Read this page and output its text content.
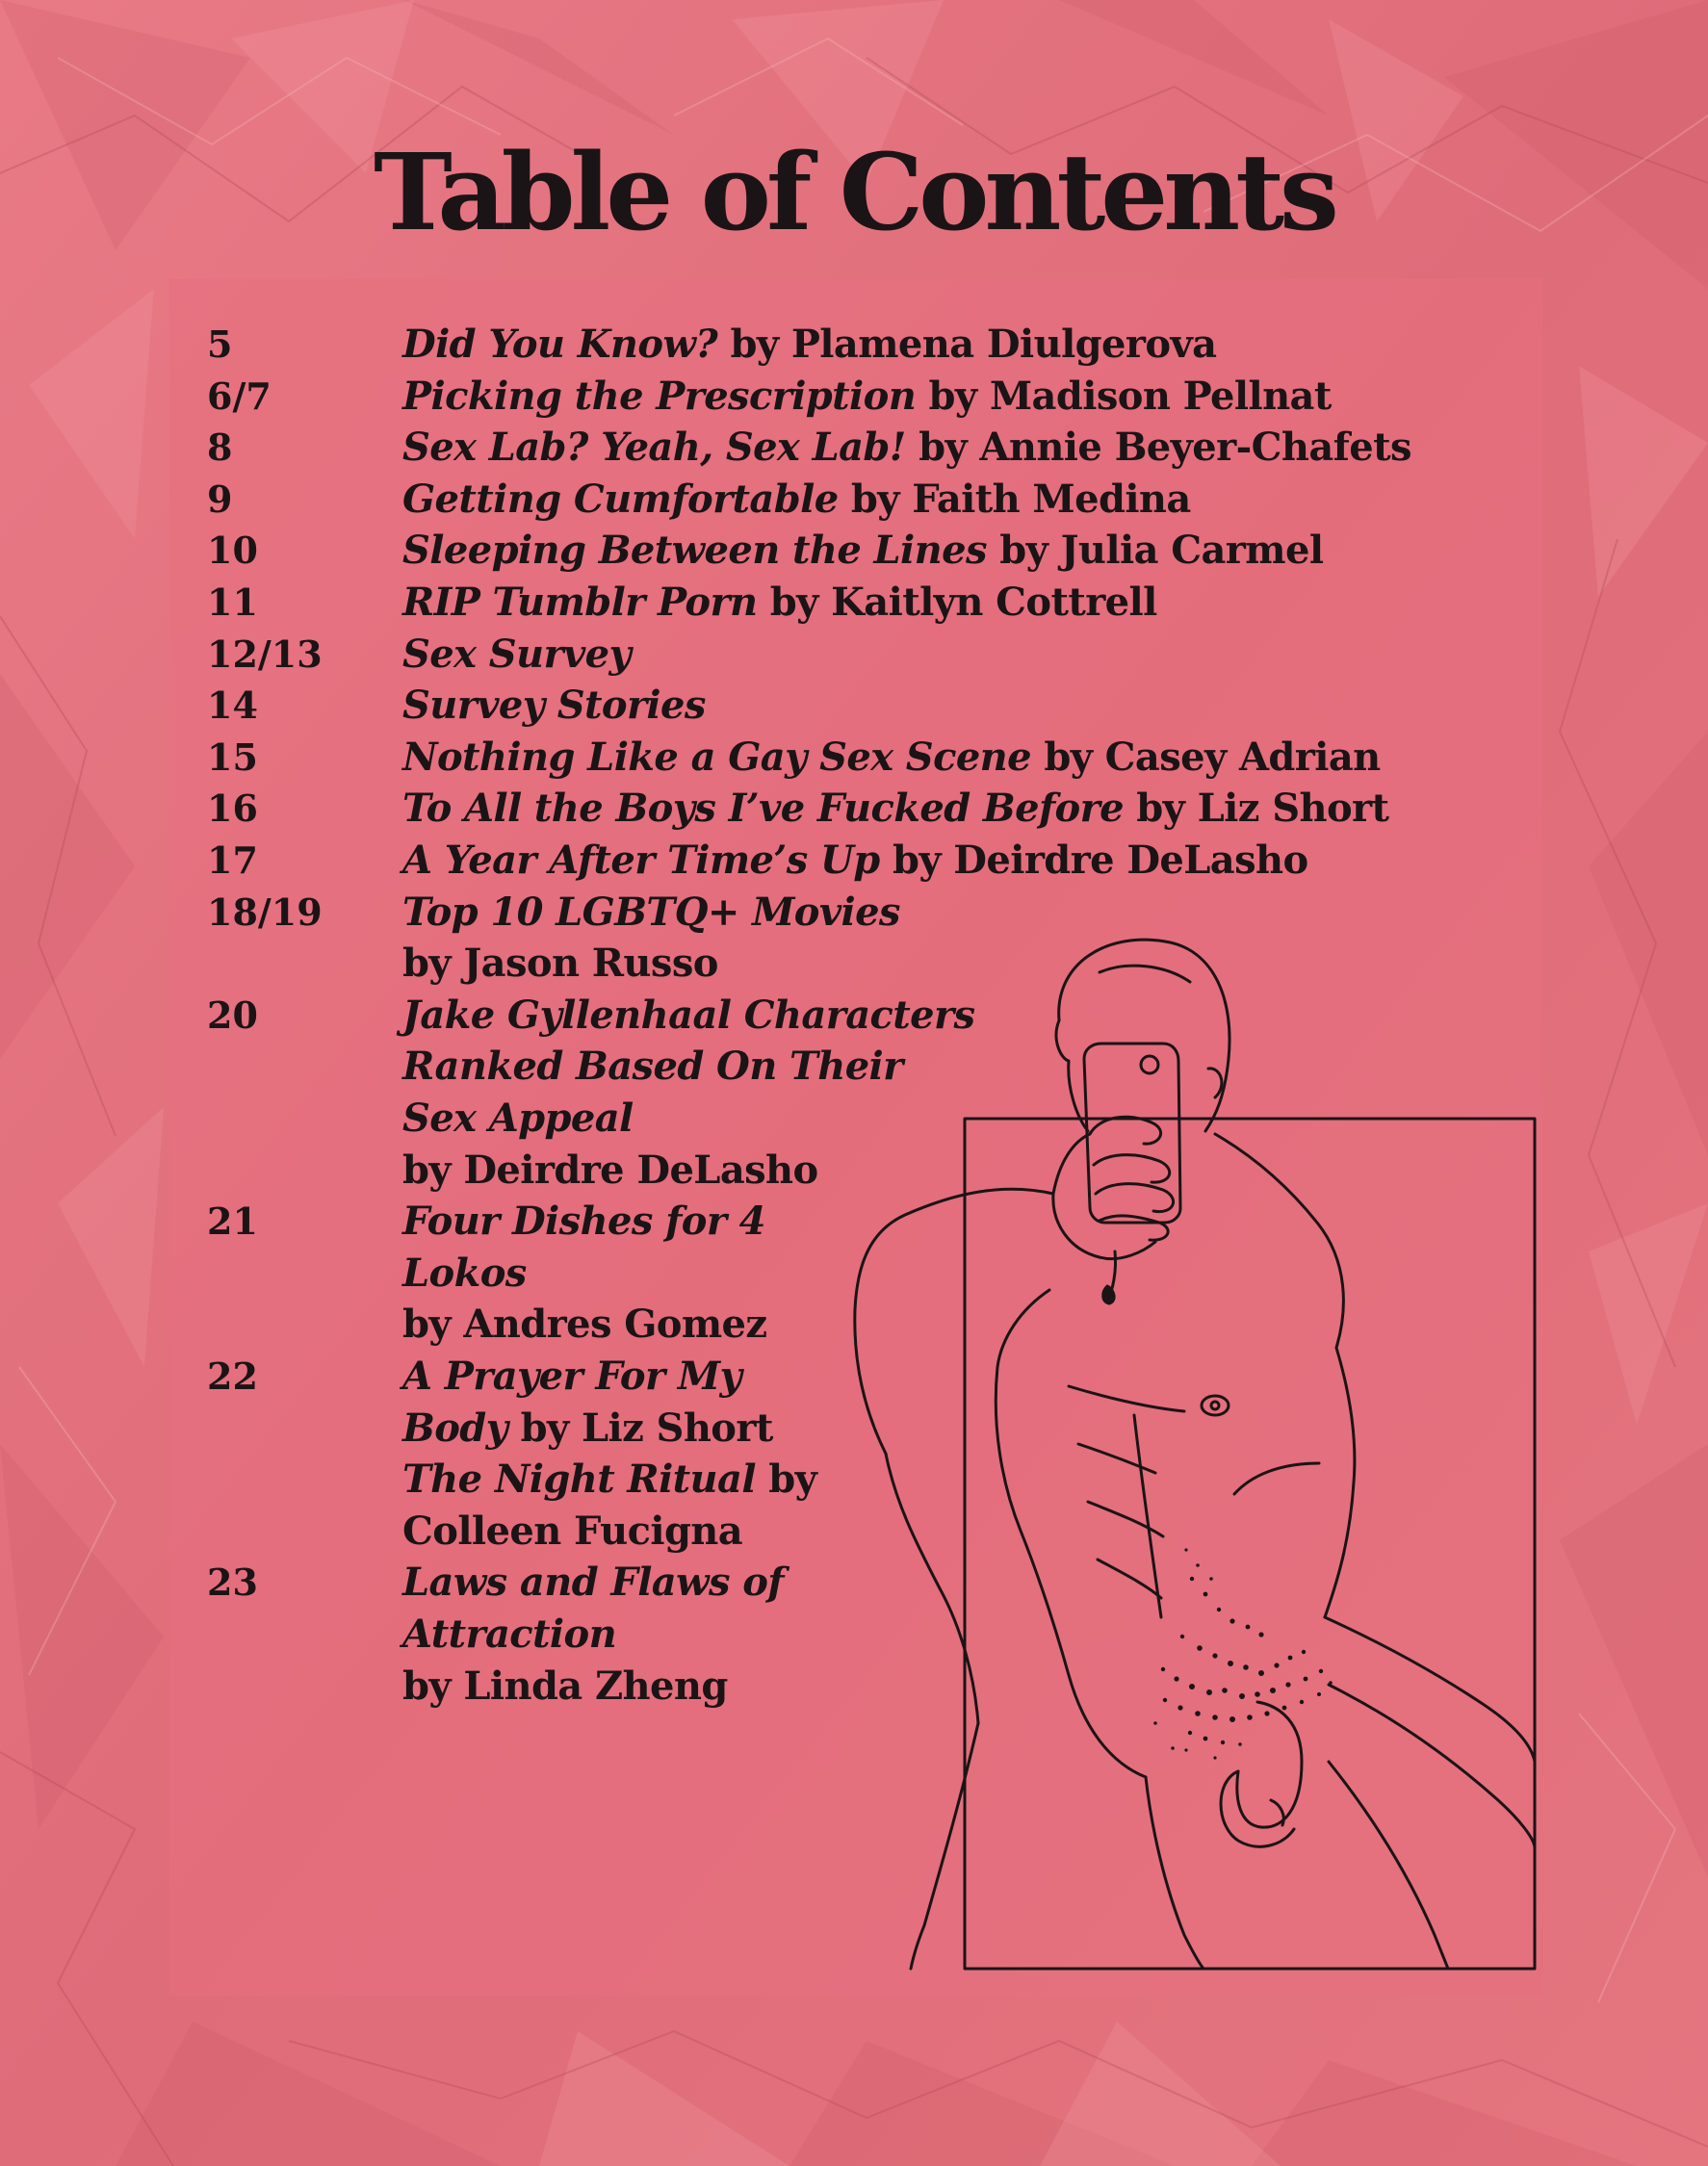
Table of Contents
5	Did You Know? by Plamena Diulgerova
6/7	Picking the Prescription by Madison Pellnat
8	Sex Lab? Yeah, Sex Lab! by Annie Beyer-Chafets
9	Getting Cumfortable by Faith Medina
10	Sleeping Between the Lines by Julia Carmel
11	RIP Tumblr Porn by Kaitlyn Cottrell
12/13 Sex Survey
14	Survey Stories
15	Nothing Like a Gay Sex Scene by Casey Adrian
16	To All the Boys I’ve Fucked Before by Liz Short
17	A Year After Time’s Up by Deirdre DeLasho
18/19 Top 10 LGBTQ+ Movies
by Jason Russo
20	Jake Gyllenhaal Characters
Ranked Based On Their
Sex Appeal
by Deirdre DeLasho
21	Four Dishes for 4
Lokos
by Andres Gomez
22	A Prayer For My
Body by Liz Short
The Night Ritual by
Colleen Fucigna
23	Laws and Flaws of
Attraction
by Linda Zheng
